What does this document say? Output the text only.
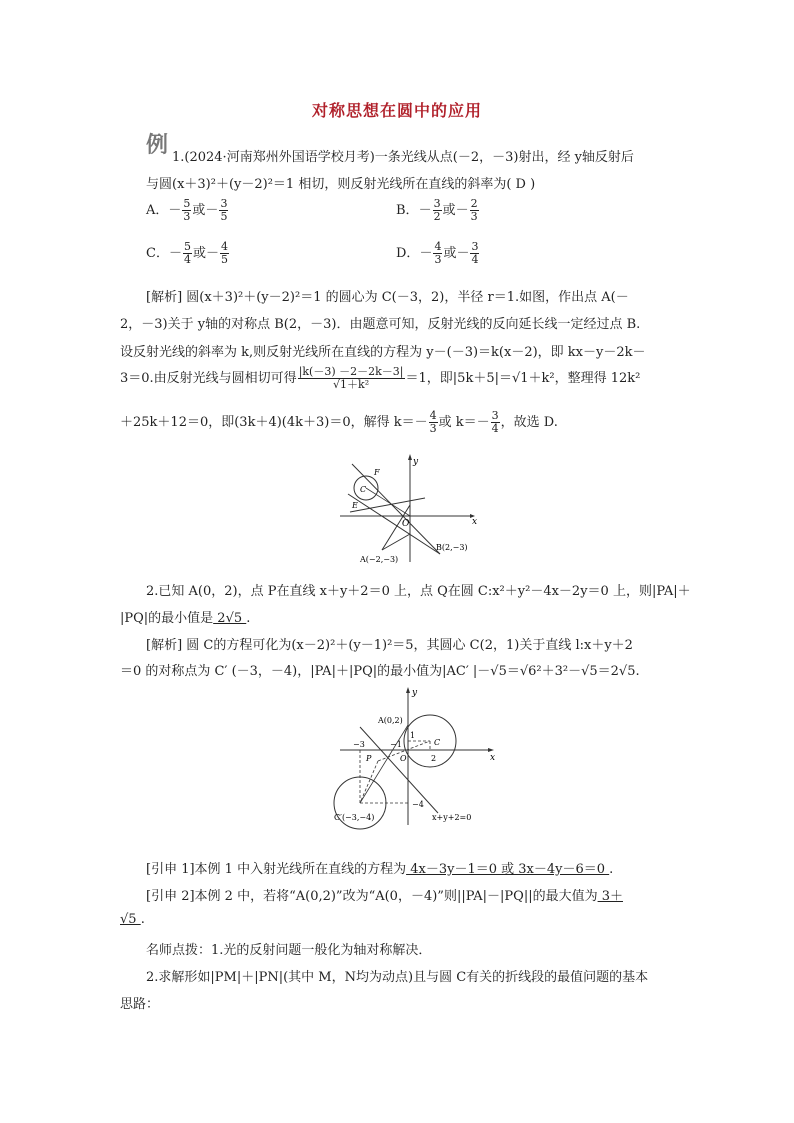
对称思想在圆中的应用
例 1.(2024·河南郑州外国语学校月考)一条光线从点(－2，－3)射出，经 y轴反射后
与圆(x＋3)²＋(y－2)²＝1 相切，则反射光线所在直线的斜率为( D )
A．－ $\frac{5}{3}$ 或－ $\frac{3}{5}$	B．－ $\frac{3}{2}$ 或－ $\frac{2}{3}$
C．－ $\frac{5}{4}$ 或－ $\frac{4}{5}$	D．－ $\frac{4}{3}$ 或－ $\frac{3}{4}$
[解析] 圆(x＋3)²＋(y－2)²＝1 的圆心为 C(－3，2)，半径 r＝1.如图，作出点 A(－
2，－3)关于 y轴的对称点 B(2，－3)．由题意可知，反射光线的反向延长线一定经过点 B.
设反射光线的斜率为 k,则反射光线所在直线的方程为 y－(－3)＝k(x－2)，即 kx－y－2k－
3＝0.由反射光线与圆相切可得 $\frac{|k(-3) -2-2k-3|}{\text{√1＋k²}} =1$，即|5k＋5|＝√1＋k²，整理得 12k²
＋25k＋12＝0，即(3k＋4)(4k＋3)＝0，解得 $k=- \frac{4}{3}$ 或 $k=- \frac{3}{4}$ ，故选 D.
y
x
O
C
F
E
A(−2,−3)
B(2,−3)
2.已知 A(0，2)，点 P在直线 x＋y＋2＝0 上，点 Q在圆 C:x²＋y²－4x－2y＝0 上，则|PA|＋
|PQ|的最小值是 2√5 .
[解析] 圆 C的方程可化为(x－2)²＋(y－1)²＝5，其圆心 C(2，1)关于直线 l:x＋y＋2
＝0 的对称点为 C′ (－3，－4)，|PA|＋|PQ|的最小值为|AC′ |－√5＝√6²＋3²－√5＝2√5.
y
x
A(0,2)
C
O
P
−3	−1
1
2
−4
C′(−3,−4)	x+y+2=0
[引申 1]本例 1 中入射光线所在直线的方程为 4x－3y－1＝0 或 3x－4y－6＝0 .
[引申 2]本例 2 中，若将“A(0,2)”改为“A(0，－4)”则||PA|－|PQ||的最大值为 3＋
√5 .
名师点拨：1.光的反射问题一般化为轴对称解决．
2.求解形如|PM|＋|PN|(其中 M，N均为动点)且与圆 C有关的折线段的最值问题的基本
思路：
